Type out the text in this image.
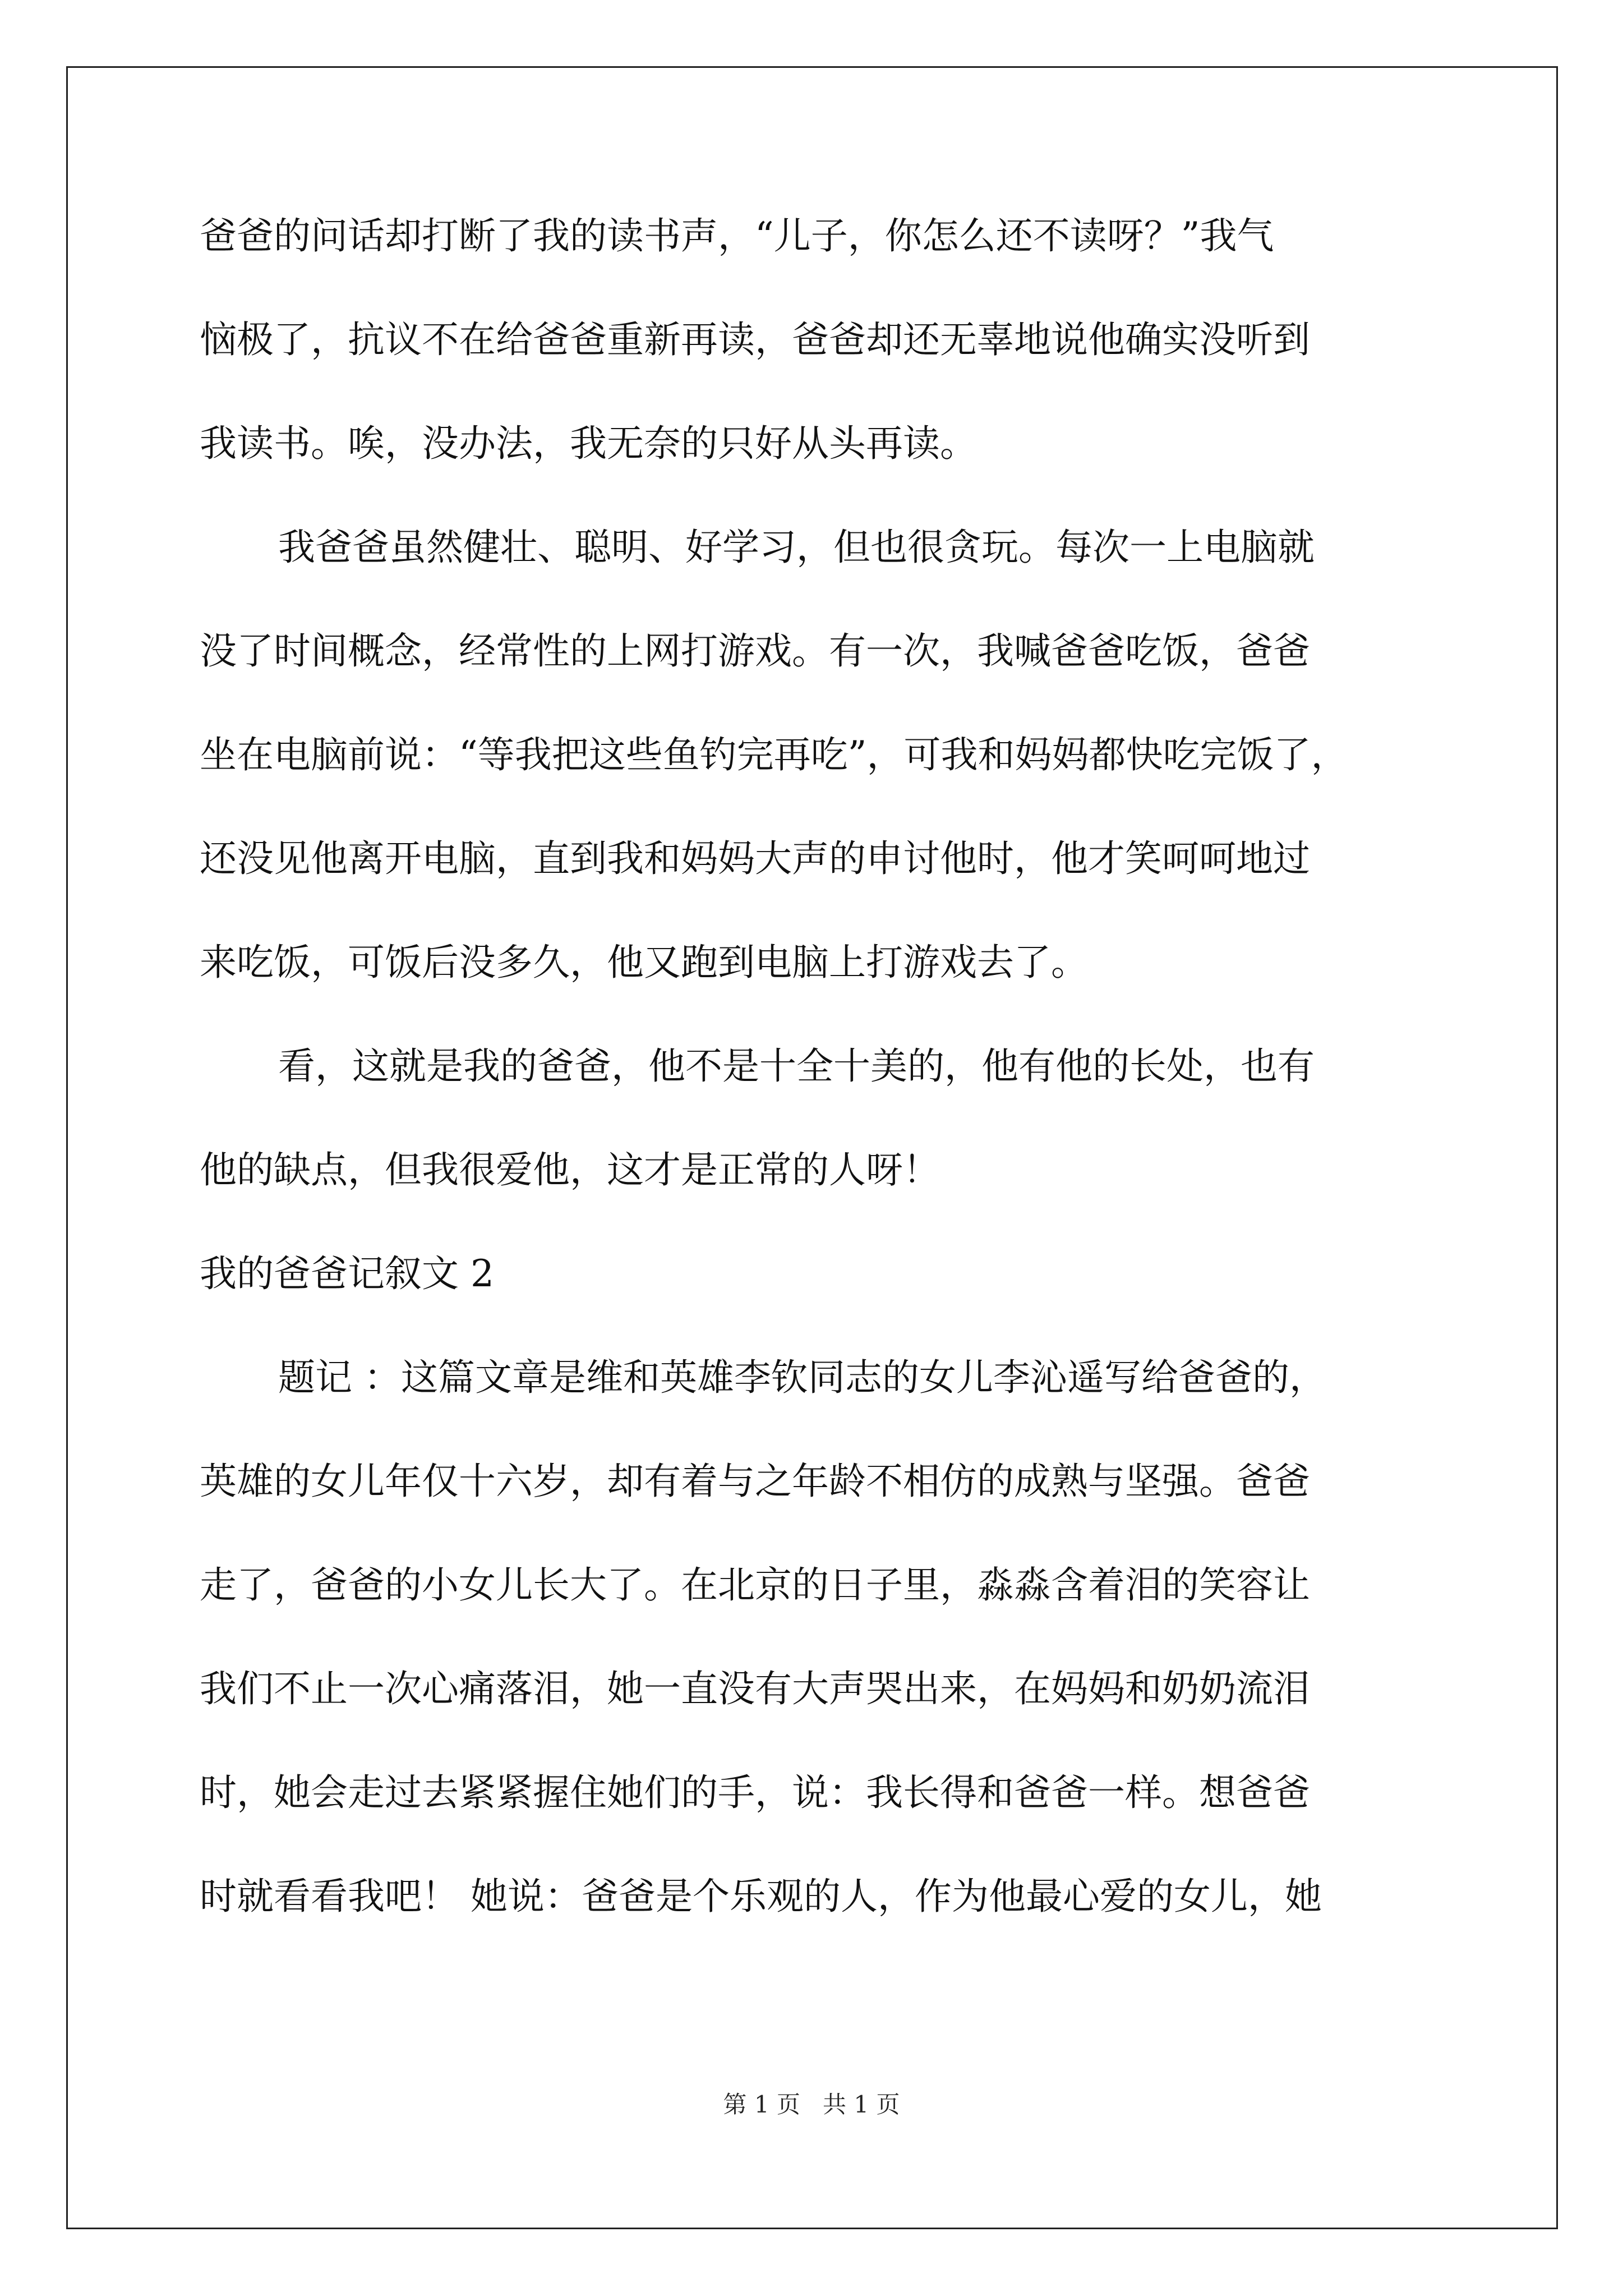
爸爸的问话却打断了我的读书声，“儿子，你怎么还不读呀？”我气
恼极了，抗议不在给爸爸重新再读，爸爸却还无辜地说他确实没听到
我读书。唉，没办法，我无奈的只好从头再读。
我爸爸虽然健壮、聪明、好学习，但也很贪玩。每次一上电脑就
没了时间概念，经常性的上网打游戏。有一次，我喊爸爸吃饭，爸爸
坐在电脑前说：“等我把这些鱼钓完再吃”，可我和妈妈都快吃完饭了，
还没见他离开电脑，直到我和妈妈大声的申讨他时，他才笑呵呵地过
来吃饭，可饭后没多久，他又跑到电脑上打游戏去了。
看，这就是我的爸爸，他不是十全十美的，他有他的长处，也有
他的缺点，但我很爱他，这才是正常的人呀！
我的爸爸记叙文 2
题记 ：这篇文章是维和英雄李钦同志的女儿李沁遥写给爸爸的，
英雄的女儿年仅十六岁，却有着与之年龄不相仿的成熟与坚强。爸爸
走了，爸爸的小女儿长大了。在北京的日子里，淼淼含着泪的笑容让
我们不止一次心痛落泪，她一直没有大声哭出来，在妈妈和奶奶流泪
时，她会走过去紧紧握住她们的手，说：我长得和爸爸一样。想爸爸
时就看看我吧！ 她说：爸爸是个乐观的人，作为他最心爱的女儿，她
第 1 页   共 1 页
